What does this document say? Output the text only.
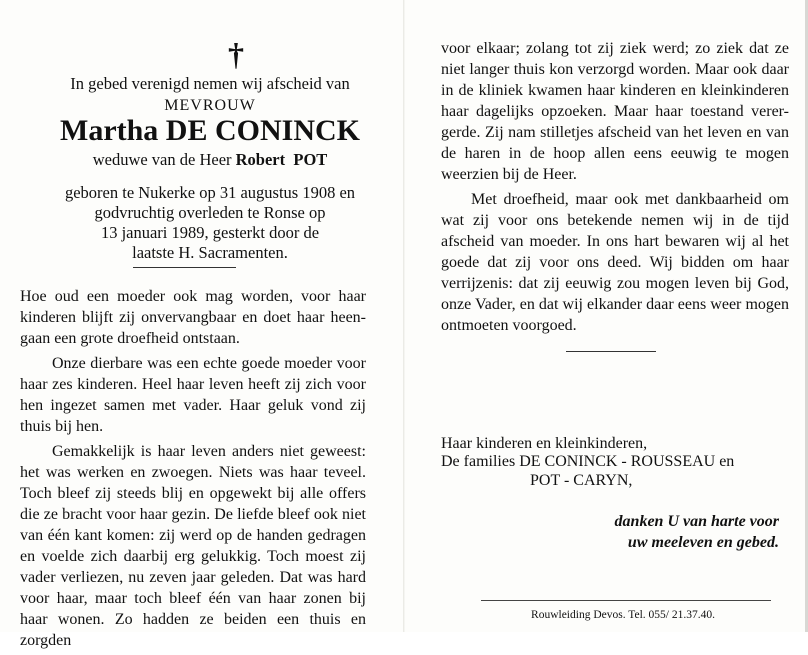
†
In gebed verenigd nemen wij afscheid van
MEVROUW
Martha DE CONINCK
weduwe van de Heer Robert  POT
geboren te Nukerke op 31 augustus 1908 en
godvruchtig overleden te Ronse op
13 januari 1989, gesterkt door de
laatste H. Sacramenten.

Hoe oud een moeder ook mag worden, voor haar kinderen blijft zij onvervangbaar en doet haar heen-gaan een grote droefheid ontstaan.

Onze dierbare was een echte goede moeder voor haar zes kinderen. Heel haar leven heeft zij zich voor hen ingezet samen met vader. Haar geluk vond zij thuis bij hen.

Gemakkelijk is haar leven anders niet geweest: het was werken en zwoegen. Niets was haar teveel. Toch bleef zij steeds blij en opgewekt bij alle offers die ze bracht voor haar gezin. De liefde bleef ook niet van één kant komen: zij werd op de handen gedragen en voelde zich daarbij erg gelukkig. Toch moest zij vader verliezen, nu zeven jaar geleden. Dat was hard voor haar, maar toch bleef één van haar zonen bij haar wonen. Zo hadden ze beiden een thuis en zorgden

voor elkaar; zolang tot zij ziek werd; zo ziek dat ze niet langer thuis kon verzorgd worden. Maar ook daar in de kliniek kwamen haar kinderen en kleinkinderen haar dagelijks opzoeken. Maar haar toestand verer-gerde. Zij nam stilletjes afscheid van het leven en van de haren in de hoop allen eens eeuwig te mogen weerzien bij de Heer.

Met droefheid, maar ook met dankbaarheid om wat zij voor ons betekende nemen wij in de tijd afscheid van moeder. In ons hart bewaren wij al het goede dat zij voor ons deed. Wij bidden om haar verrijzenis: dat zij eeuwig zou mogen leven bij God, onze Vader, en dat wij elkander daar eens weer mogen ontmoeten voorgoed.

Haar kinderen en kleinkinderen,
De families DE CONINCK - ROUSSEAU en
POT - CARYN,
danken U van harte voor
uw meeleven en gebed.
Rouwleiding Devos. Tel. 055/ 21.37.40.
